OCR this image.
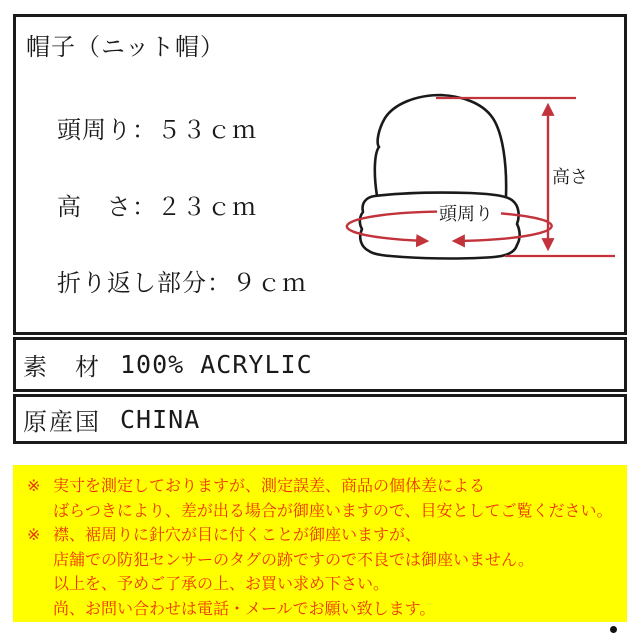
帽子（ニット帽）
頭周り：５３ｃｍ
高　さ：２３ｃｍ
折り返し部分：９ｃｍ
頭周り
高さ
素　材 100% ACRYLIC
原産国 CHINA
※ 実寸を測定しておりますが、測定誤差、商品の個体差による
ばらつきにより、差が出る場合が御座いますので、目安としてご覧ください。
※ 襟、裾周りに針穴が目に付くことが御座いますが、
店舗での防犯センサーのタグの跡ですので不良では御座いません。
以上を、予めご了承の上、お買い求め下さい。
尚、お問い合わせは電話・メールでお願い致します。
